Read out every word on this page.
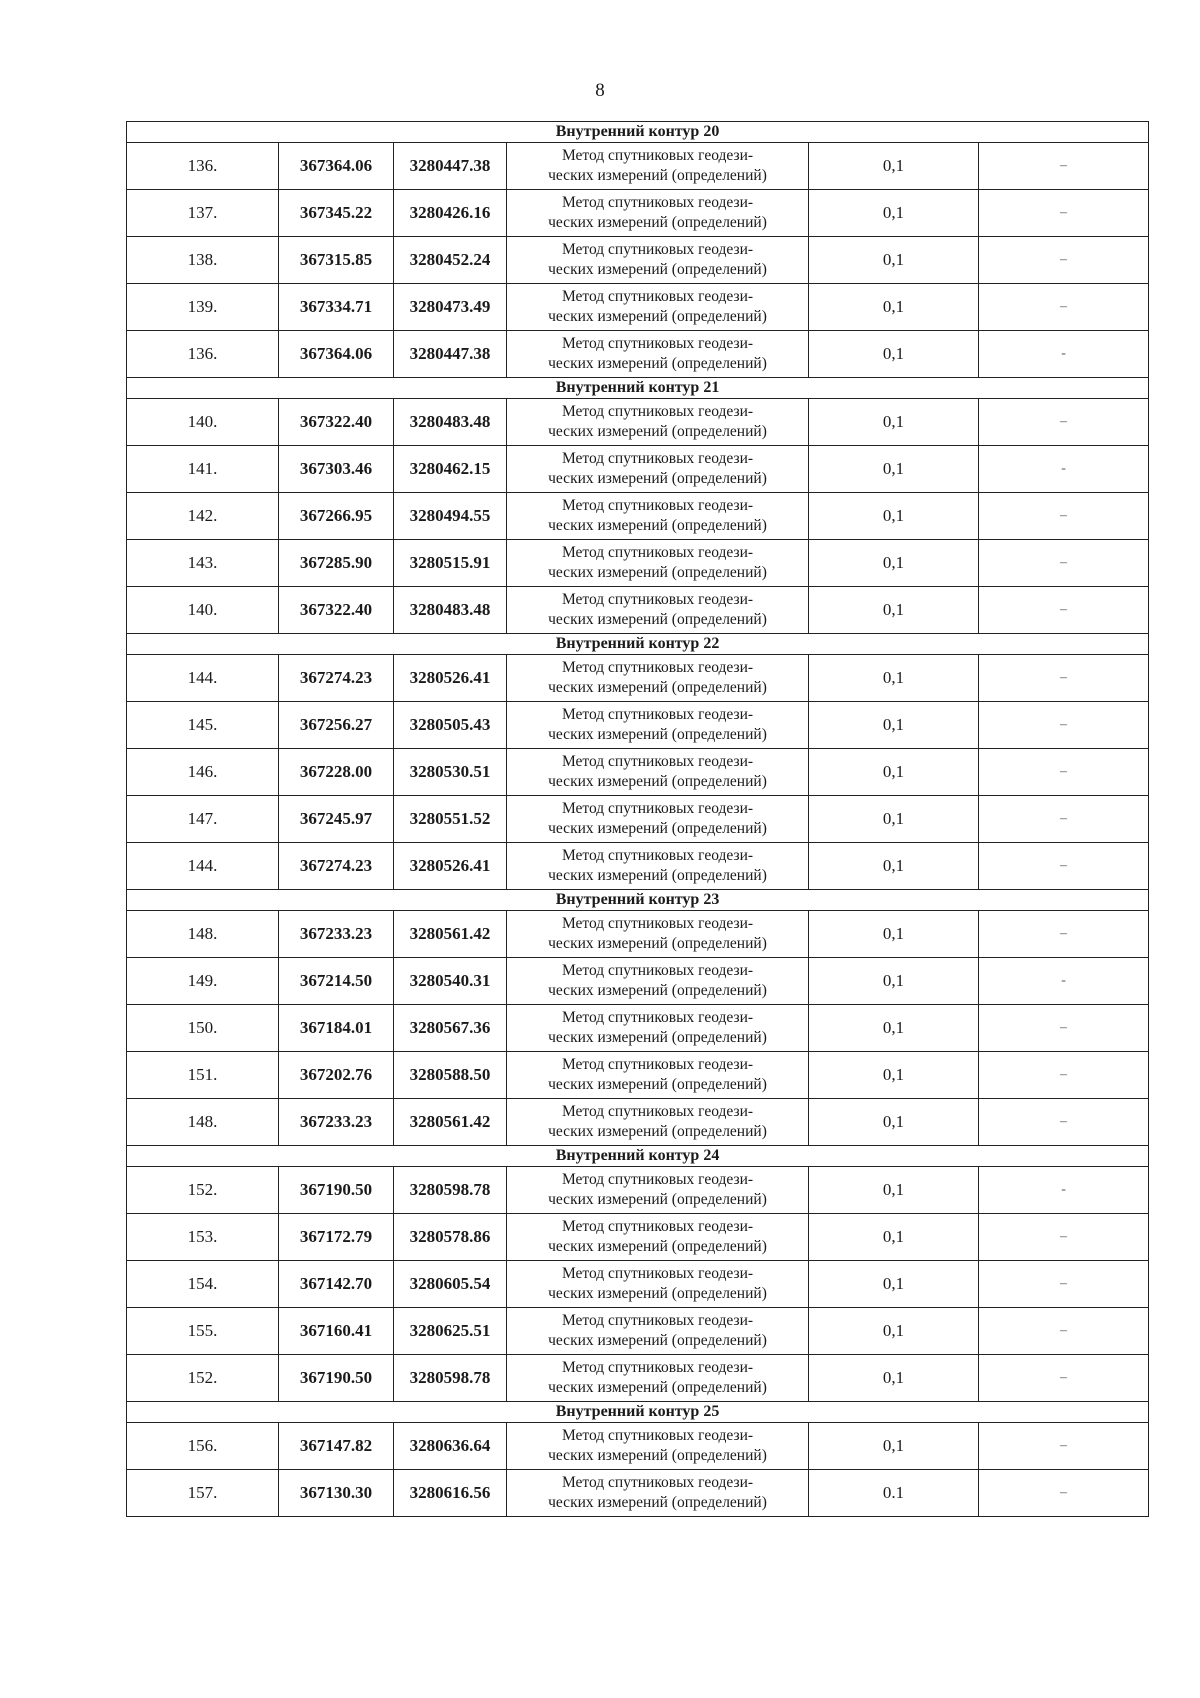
8
Внутренний контур 20					
136.	367364.06	3280447.38	Метод спутниковых геодези-
ческих измерений (определений)	0,1	–
137.	367345.22	3280426.16	Метод спутниковых геодези-
ческих измерений (определений)	0,1	–
138.	367315.85	3280452.24	Метод спутниковых геодези-
ческих измерений (определений)	0,1	–
139.	367334.71	3280473.49	Метод спутниковых геодези-
ческих измерений (определений)	0,1	–
136.	367364.06	3280447.38	Метод спутниковых геодези-
ческих измерений (определений)	0,1	-
Внутренний контур 21					
140.	367322.40	3280483.48	Метод спутниковых геодези-
ческих измерений (определений)	0,1	–
141.	367303.46	3280462.15	Метод спутниковых геодези-
ческих измерений (определений)	0,1	-
142.	367266.95	3280494.55	Метод спутниковых геодези-
ческих измерений (определений)	0,1	–
143.	367285.90	3280515.91	Метод спутниковых геодези-
ческих измерений (определений)	0,1	–
140.	367322.40	3280483.48	Метод спутниковых геодези-
ческих измерений (определений)	0,1	–
Внутренний контур 22					
144.	367274.23	3280526.41	Метод спутниковых геодези-
ческих измерений (определений)	0,1	–
145.	367256.27	3280505.43	Метод спутниковых геодези-
ческих измерений (определений)	0,1	–
146.	367228.00	3280530.51	Метод спутниковых геодези-
ческих измерений (определений)	0,1	–
147.	367245.97	3280551.52	Метод спутниковых геодези-
ческих измерений (определений)	0,1	–
144.	367274.23	3280526.41	Метод спутниковых геодези-
ческих измерений (определений)	0,1	–
Внутренний контур 23					
148.	367233.23	3280561.42	Метод спутниковых геодези-
ческих измерений (определений)	0,1	–
149.	367214.50	3280540.31	Метод спутниковых геодези-
ческих измерений (определений)	0,1	-
150.	367184.01	3280567.36	Метод спутниковых геодези-
ческих измерений (определений)	0,1	–
151.	367202.76	3280588.50	Метод спутниковых геодези-
ческих измерений (определений)	0,1	–
148.	367233.23	3280561.42	Метод спутниковых геодези-
ческих измерений (определений)	0,1	–
Внутренний контур 24					
152.	367190.50	3280598.78	Метод спутниковых геодези-
ческих измерений (определений)	0,1	-
153.	367172.79	3280578.86	Метод спутниковых геодези-
ческих измерений (определений)	0,1	–
154.	367142.70	3280605.54	Метод спутниковых геодези-
ческих измерений (определений)	0,1	–
155.	367160.41	3280625.51	Метод спутниковых геодези-
ческих измерений (определений)	0,1	–
152.	367190.50	3280598.78	Метод спутниковых геодези-
ческих измерений (определений)	0,1	–
Внутренний контур 25					
156.	367147.82	3280636.64	Метод спутниковых геодези-
ческих измерений (определений)	0,1	–
157.	367130.30	3280616.56	Метод спутниковых геодези-
ческих измерений (определений)	0.1	–
